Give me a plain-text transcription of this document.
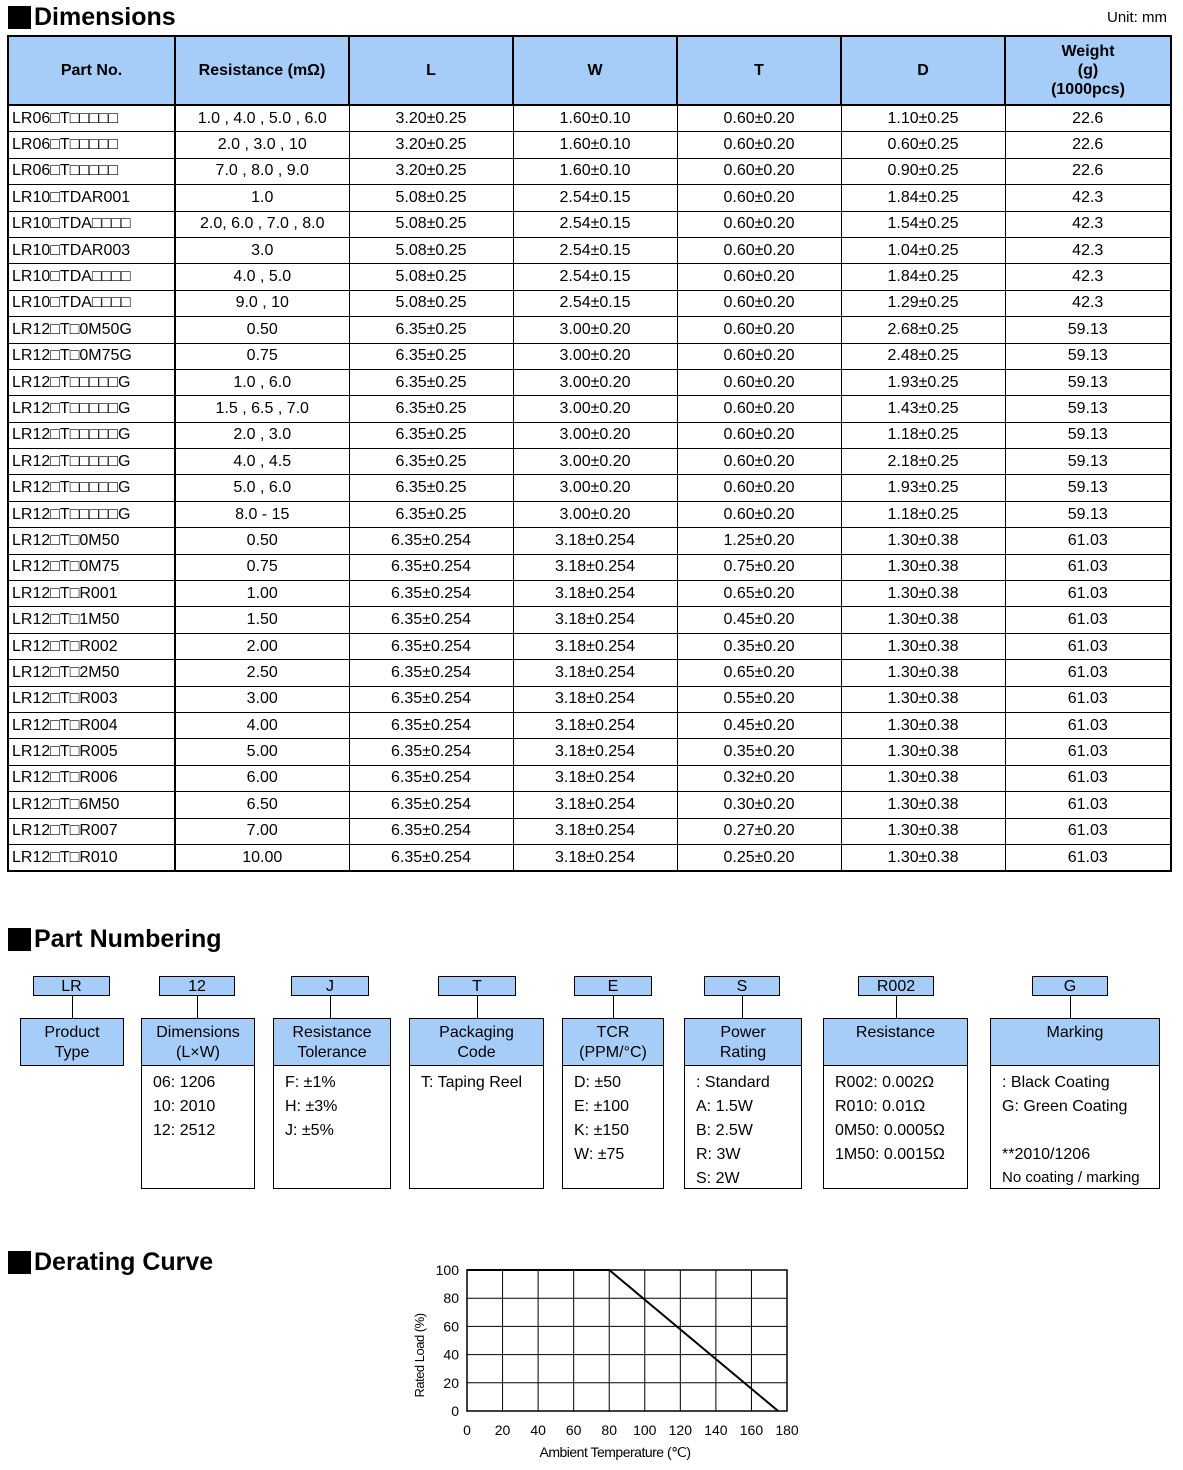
Dimensions	Unit: mm
Part No.	Resistance (mΩ)	L	W	T	D	Weight
(g)
(1000pcs)
LR06□T□□□□□	1.0 , 4.0 , 5.0 , 6.0	3.20±0.25	1.60±0.10	0.60±0.20	1.10±0.25	22.6
LR06□T□□□□□	2.0 , 3.0 , 10	3.20±0.25	1.60±0.10	0.60±0.20	0.60±0.25	22.6
LR06□T□□□□□	7.0 , 8.0 , 9.0	3.20±0.25	1.60±0.10	0.60±0.20	0.90±0.25	22.6
LR10□TDAR001	1.0	5.08±0.25	2.54±0.15	0.60±0.20	1.84±0.25	42.3
LR10□TDA□□□□	2.0, 6.0 , 7.0 , 8.0	5.08±0.25	2.54±0.15	0.60±0.20	1.54±0.25	42.3
LR10□TDAR003	3.0	5.08±0.25	2.54±0.15	0.60±0.20	1.04±0.25	42.3
LR10□TDA□□□□	4.0 , 5.0	5.08±0.25	2.54±0.15	0.60±0.20	1.84±0.25	42.3
LR10□TDA□□□□	9.0 , 10	5.08±0.25	2.54±0.15	0.60±0.20	1.29±0.25	42.3
LR12□T□0M50G	0.50	6.35±0.25	3.00±0.20	0.60±0.20	2.68±0.25	59.13
LR12□T□0M75G	0.75	6.35±0.25	3.00±0.20	0.60±0.20	2.48±0.25	59.13
LR12□T□□□□□G	1.0 , 6.0	6.35±0.25	3.00±0.20	0.60±0.20	1.93±0.25	59.13
LR12□T□□□□□G	1.5 , 6.5 , 7.0	6.35±0.25	3.00±0.20	0.60±0.20	1.43±0.25	59.13
LR12□T□□□□□G	2.0 , 3.0	6.35±0.25	3.00±0.20	0.60±0.20	1.18±0.25	59.13
LR12□T□□□□□G	4.0 , 4.5	6.35±0.25	3.00±0.20	0.60±0.20	2.18±0.25	59.13
LR12□T□□□□□G	5.0 , 6.0	6.35±0.25	3.00±0.20	0.60±0.20	1.93±0.25	59.13
LR12□T□□□□□G	8.0 - 15	6.35±0.25	3.00±0.20	0.60±0.20	1.18±0.25	59.13
LR12□T□0M50	0.50	6.35±0.254	3.18±0.254	1.25±0.20	1.30±0.38	61.03
LR12□T□0M75	0.75	6.35±0.254	3.18±0.254	0.75±0.20	1.30±0.38	61.03
LR12□T□R001	1.00	6.35±0.254	3.18±0.254	0.65±0.20	1.30±0.38	61.03
LR12□T□1M50	1.50	6.35±0.254	3.18±0.254	0.45±0.20	1.30±0.38	61.03
LR12□T□R002	2.00	6.35±0.254	3.18±0.254	0.35±0.20	1.30±0.38	61.03
LR12□T□2M50	2.50	6.35±0.254	3.18±0.254	0.65±0.20	1.30±0.38	61.03
LR12□T□R003	3.00	6.35±0.254	3.18±0.254	0.55±0.20	1.30±0.38	61.03
LR12□T□R004	4.00	6.35±0.254	3.18±0.254	0.45±0.20	1.30±0.38	61.03
LR12□T□R005	5.00	6.35±0.254	3.18±0.254	0.35±0.20	1.30±0.38	61.03
LR12□T□R006	6.00	6.35±0.254	3.18±0.254	0.32±0.20	1.30±0.38	61.03
LR12□T□6M50	6.50	6.35±0.254	3.18±0.254	0.30±0.20	1.30±0.38	61.03
LR12□T□R007	7.00	6.35±0.254	3.18±0.254	0.27±0.20	1.30±0.38	61.03
LR12□T□R010	10.00	6.35±0.254	3.18±0.254	0.25±0.20	1.30±0.38	61.03
Part Numbering
LR
Product
Type
12
Dimensions
(L×W)
06: 1206
10: 2010
12: 2512
J
Resistance
Tolerance
F: ±1%
H: ±3%
J: ±5%
T
Packaging
Code
T: Taping Reel
E
TCR
(PPM/°C)
D: ±50
E: ±100
K: ±150
W: ±75
S
Power
Rating
: Standard
A: 1.5W
B: 2.5W
R: 3W
S: 2W
R002
Resistance
R002: 0.002Ω
R010: 0.01Ω
0M50: 0.0005Ω
1M50: 0.0015Ω
G
Marking
: Black Coating
G: Green Coating

**2010/1206
No coating / marking
Derating Curve
0 20 40 60 80 100 120 140 160 180
0
20
40
60
80
100
Ambient Temperature (℃)
Rated Load (%)
